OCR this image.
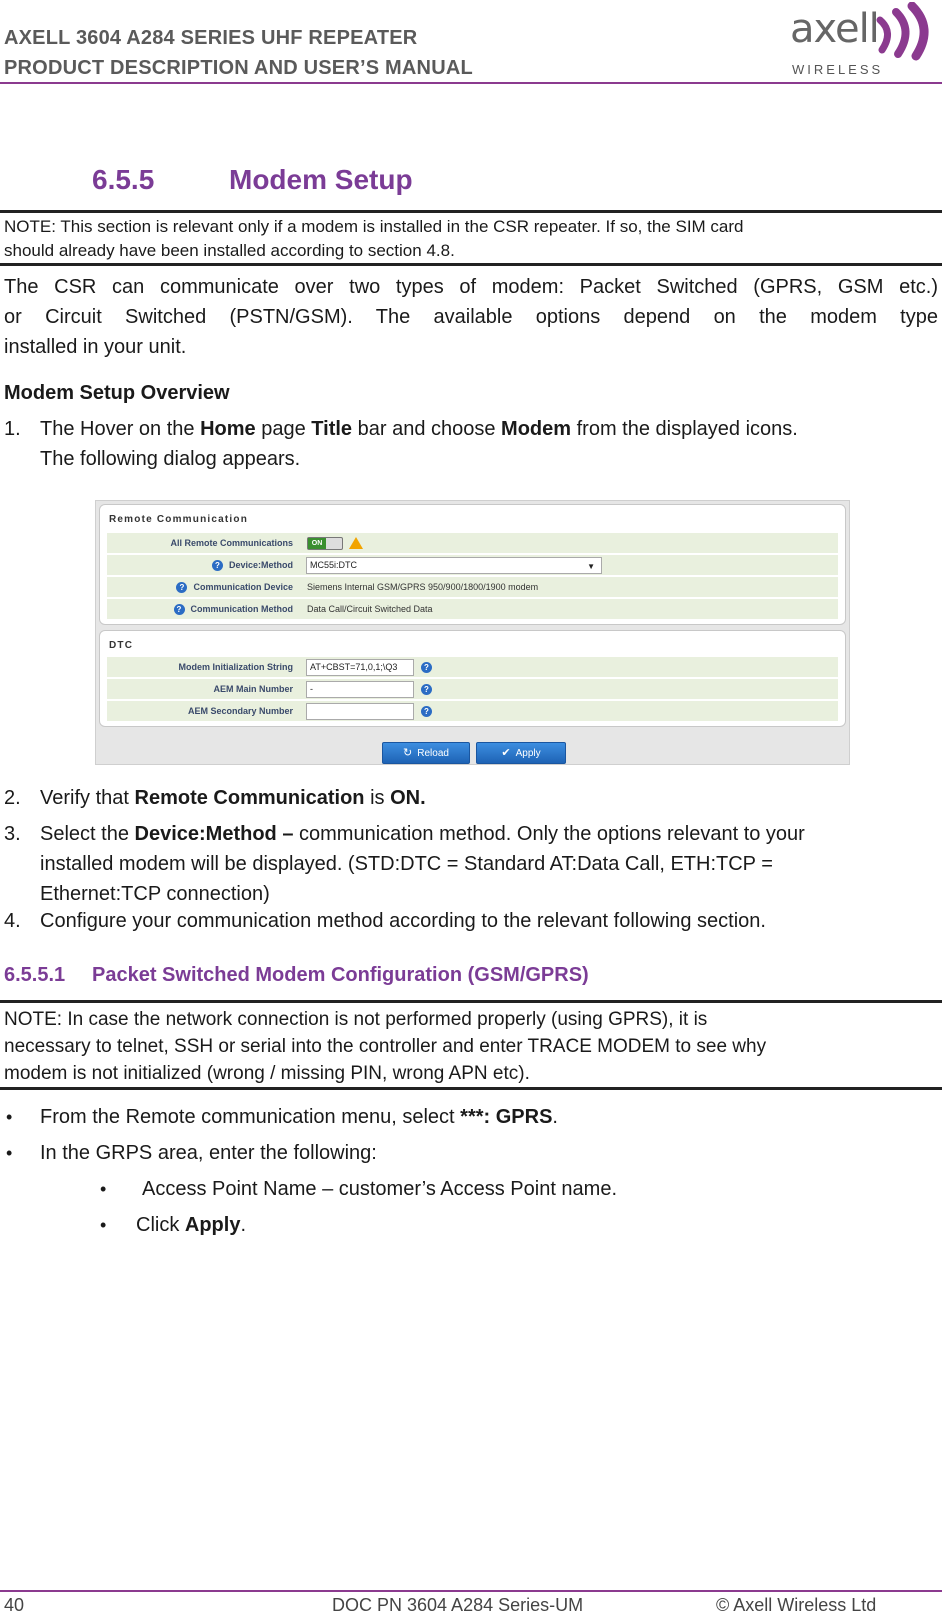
AXELL 3604 A284 SERIES UHF REPEATER
PRODUCT DESCRIPTION AND USER’S MANUAL
axell
WIRELESS
6.5.5	Modem Setup
NOTE: This section is relevant only if a modem is installed in the CSR repeater. If so, the SIM card
should already have been installed according to section 4.8.
The CSR can communicate over two types of modem: Packet Switched (GPRS, GSM etc.)
or Circuit Switched (PSTN/GSM). The available options depend on the modem type
installed in your unit.
Modem Setup Overview
1. The Hover on the Home page Title bar and choose Modem from the displayed icons.
The following dialog appears.
Remote Communication
All Remote Communications	ON
? Device:Method	MC55i:DTC	▼
? Communication Device Siemens Internal GSM/GPRS 950/900/1800/1900 modem
? Communication Method Data Call/Circuit Switched Data
DTC
Modem Initialization String	AT+CBST=71,0,1;\Q3	?
AEM Main Number	-	?
AEM Secondary Number	?
↻ Reload	✔ Apply
2. Verify that Remote Communication is ON.
3. Select the Device:Method – communication method. Only the options relevant to your
installed modem will be displayed. (STD:DTC = Standard AT:Data Call, ETH:TCP =
Ethernet:TCP connection)
4. Configure your communication method according to the relevant following section.
6.5.5.1 Packet Switched Modem Configuration (GSM/GPRS)
NOTE: In case the network connection is not performed properly (using GPRS), it is
necessary to telnet, SSH or serial into the controller and enter TRACE MODEM to see why
modem is not initialized (wrong / missing PIN, wrong APN etc).
• From the Remote communication menu, select ***: GPRS.
• In the GRPS area, enter the following:
• Access Point Name – customer’s Access Point name.
• Click Apply.
40	DOC PN 3604 A284 Series-UM	© Axell Wireless Ltd
